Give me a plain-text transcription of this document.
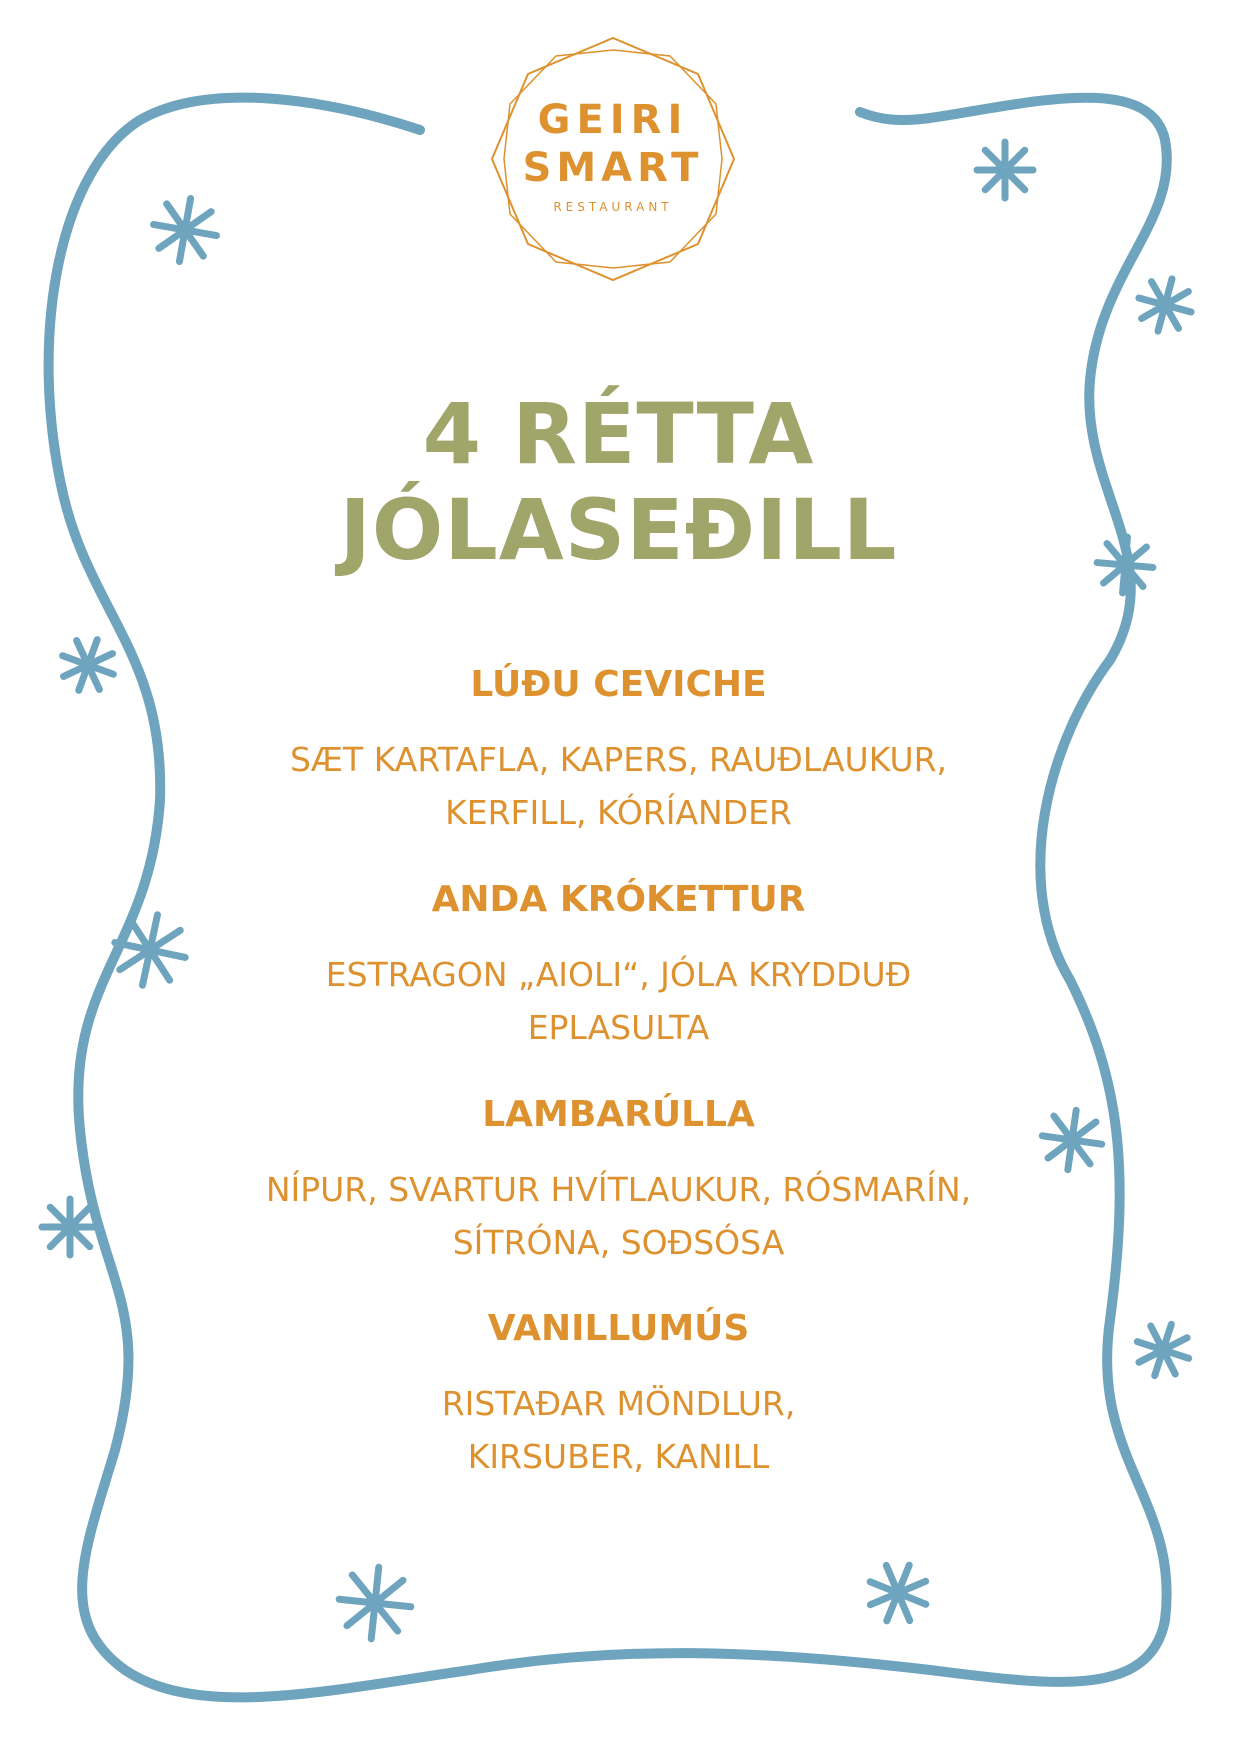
GEIRI
SMART
RESTAURANT
4 RÉTTA
JÓLASEÐILL
LÚÐU CEVICHE
SÆT KARTAFLA, KAPERS, RAUÐLAUKUR,
KERFILL, KÓRÍANDER
ANDA KRÓKETTUR
ESTRAGON „AIOLI“, JÓLA KRYDDUÐ
EPLASULTA
LAMBARÚLLA
NÍPUR, SVARTUR HVÍTLAUKUR, RÓSMARÍN,
SÍTRÓNA, SOÐSÓSA
VANILLUMÚS
RISTAÐAR MÖNDLUR,
KIRSUBER, KANILL
